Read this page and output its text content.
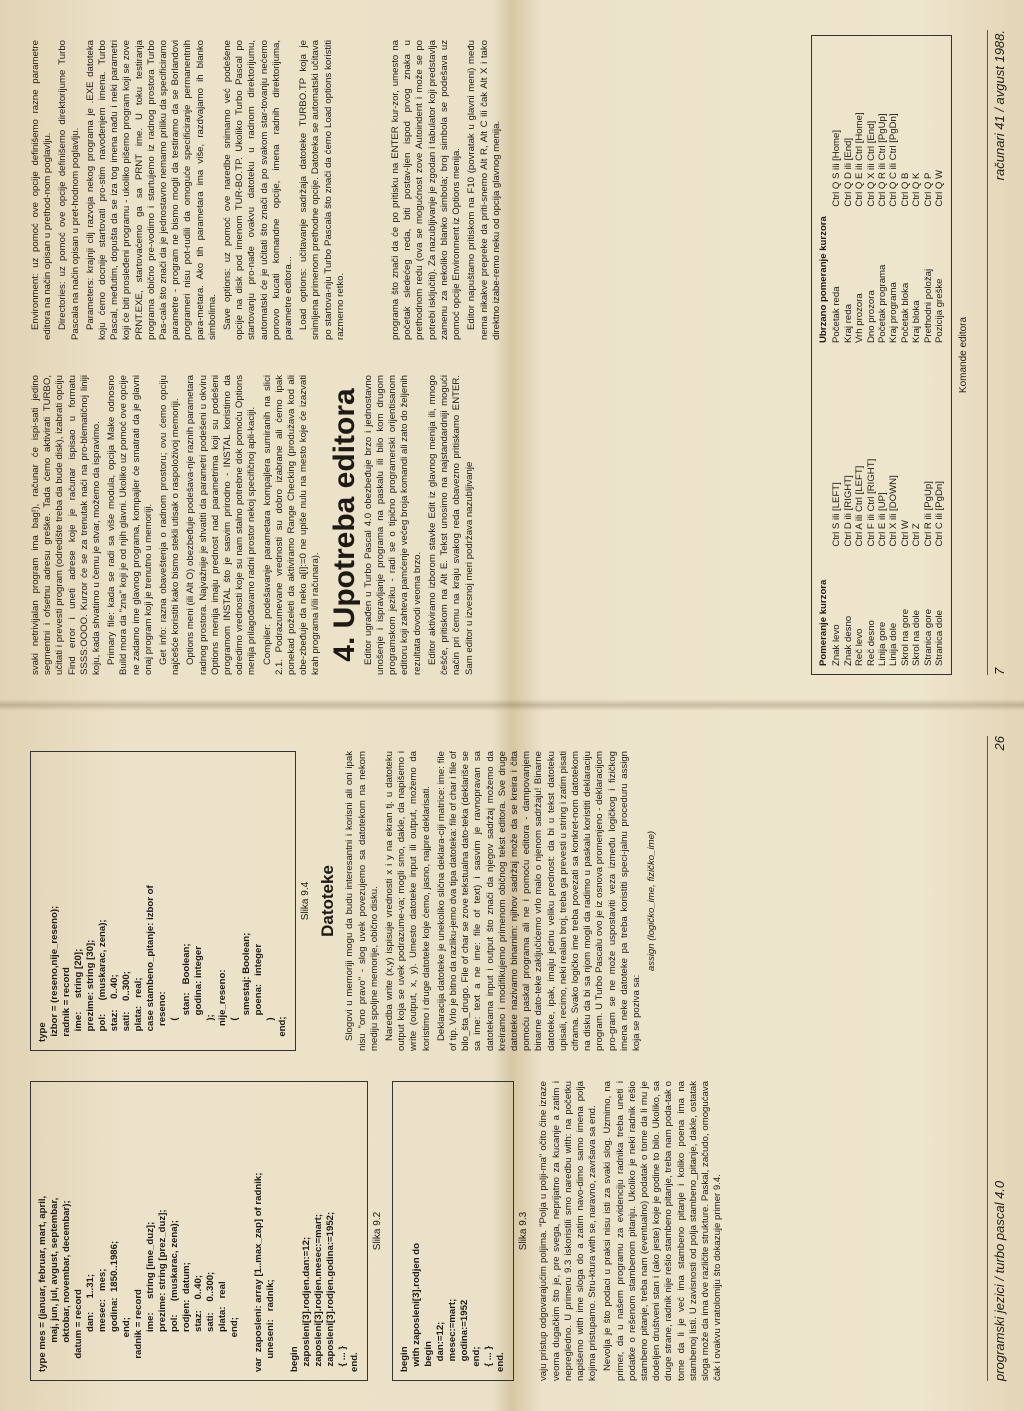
type mes = (januar, februar, mart, april,
maj, jun, jul, avgust, septembar,
oktobar, novembar, decembar);
datum = record
dan:     1..31;
mesec:   mes;
godina:  1850..1986;
end;
radnik = record
ime:     string [ime_duz];
prezime: string [prez_duz];
pol:     (muskarac, zena);
rodjen:  datum;
staz:    0..40;
sati:    0..300;
plata:   real
end;

var  zaposleni: array [1..max_zap] of radnik;
uneseni:   radnik;

begin
zaposleni[3].rodjen.dan:=12;
zaposleni[3].rodjen.mesec:=mart;
zaposleni[3].rodjen.godina:=1952;
{ ... }
end.
Slika 9.2
begin
with zaposleni[3].rodjen do
begin
dan:=12;
mesec:=mart;
godina:=1952
end;
{ ... }
end.
Slika 9.3 vaju pristup odgovarajućim poljima. "Polja u polji-ma" očito čine izraze veoma dugačkim što je, pre svega, nepriјatno za kucanje a zatim i nepregledno. U primeru 9.3 iskoristili smo naredbu with: na početku napišemo with ime sloga do a zatim navo-dimo samo imena polja kojima pristupamo. Stru-ktura with se, naravno, završava sa end. Nevolja je što podaci u praksi nisu isti za svaki slog. Uzmimo, na primer, da u našem programu za evidenciju radnika treba uneti i podatke o rešenom stambenom pitanju. Ukoliko je neki radnik rešio stambeno pitanje, treba nam (eventualno) podatak o tome da li mu je dodeljen društveni stan i (ako jeste) koje je godine to bilo. Ukoliko, sa druge strane, radnik nije rešio stambeno pitanje, treba nam poda-tak o tome da li je već ima stambeno pitanje i koliko poena ima na stambenoj listi. U zavisnosti od polja stambeno_pitanje, dakle, ostatak sloga može da ima dve različite strukture. Paskal, začudo, omogućava čak i ovakvu vratolomiju što dokazuje primer 9.4.

type
izbor = (reseno,nije_reseno);
radnik = record
ime:     string [20];
prezime: string [30];
pol:     (muskarac, zena);
staz:    0..40;
sati:    0..300;
plata:   real;
case stambeno_pitanje: izbor of
reseno:
(
stan:   Boolean;
godina: integer
);
nije_reseno:
(
smestaj: Boolean;
poena:   integer
)
end;
Slika 9.4 Datoteke Slogovi u memoriji mogu da budu interesantni i korisni ali oni ipak nisu "ono pravo" - slog uvek povezujemo sa datotekom na nekom mediju spoljne memorije, obično disku. Naredba write (x,y) ispisuje vrednosti x i y na ekran tj. u datoteku output koja se uvek podrazume-va; mogli smo, dakle, da napišemo i write (output, x, y). Umesto datoteke input ili output, možemo da koristimo i druge datoteke koje ćemo, jasno, najpre deklarisati. Deklaracija datoteke je unekoliko slična deklara-ciji matrice: ime: file of tip. Vrlo je bitno da razliku-jemo dva tipa datoteka: file of char i file of bilo_šta_drugo. File of char se zove tekstualna dato-teka (deklariše se sa ime: text a ne ime: file of text) i sasvim je ravnopravan sa datotekama input i output što znači da njegov sadržaj možemo da kreiramo i modifikujemo primenom običnog tekst editora. Sve druge datoteke nazivamo binarnim: njihov sadržaj može da se kreira i čita pomoću paskal programa ali ne i pomoću editora - dampovanjem binarne dato-teke zaključićemo vrlo malo o njenom sadržaju! Binarne datoteke, ipak, imaju jednu veliku prednost: da bi u tekst datoteku upisali, recimo, neki realan broj, treba ga prevesti u string i zatim pisati ciframa. Svako logičko ime treba povezati sa konkret-nom datotekom na disku da bi sa njom mogli da radimo u paskalu koristiti deklaraciju program. U Turbo Pascalu ovo je iz osnova promenjeno - deklaracijom pro-gram se ne može uspostaviti veza između logičkog i fizičkog imena neke datoteke pa treba koristiti speci-jalnu proceduru assign koja se poziva sa:

assign (logičko_ime, fizičko_ime)

programski jezici / turbo pascal 4.0
26

svaki netrivijalan program ima bag!), računar će ispi-sati jedino segmentni i ofsetnu adresu greške. Tada ćemo aktivirati TURBO, učitati i prevesti program (odredište treba da bude disk), izabrati opciju Find error i uneti adrese koje je računar ispisao u formatu SSSS:OOOO. Kurzor će se za trenutak naći na pro-blematičnoj liniji koju, kada shvatimo u čemu je stvar, možemo da ispravimo. Primary file: kada se radi sa više modula, opcija Make odnosno Build mora da "zna" koji je od njih glavni. Ukoliko uz pomoć ove opcije ne zadamo ime glavnog programa, kompajler će smatrati da je glavni onaj program koji je trenutno u memoriji. Get info: razna obaveštenja o radnom prostoru; ovu ćemo opciju najčešće koristiti kako bismo stekli utisak o raspoloživoj memoriji. Options meni (ili Alt O) obezbeđuje podešava-nje raznih parametara radnog prostora. Najvažnije je shvatiti da parametri podešeni u okviru Options menija imaju prednost nad parametrima koji su podešeni programom INSTAL što je sasvim prirodno - INSTAL koristimo da odredimo vrednosti koje su nam stalno potrebne dok pomoću Options menija prilagođavamo radni prostor nekoj specifičnoj apli-kaciji. Compiler: podešavanje parametara kompajlera sumiranih na slici 2.1. Podrazumevane vrednosti su dobro izabrane ali ćemo ipak ponekad poželeti da aktiviramo Range Checking (produžava kod ali obe-zbeđuje da neko a[i]:=0 ne upiše nulu na mesto koje će izazvati krah programa i/ili računara). 4. Upotreba editora Editor ugrađen u Turbo Pascal 4.0 obezbeđuje brzo i jednostavno unošenje i ispravljanje programa na paskalu ili bilo kom drugom programskom jeziku - radi se o tipično programerski orijentisanom editoru koji zahteva pamćenje većeg broja komandi ali zato do željenih rezultata dovodi veoma brzo. Editor aktiviramo izborom stavke Edit iz glavnog menija ili, mnogo češće, pritiskom na Alt E. Tekst unosimo na najstandardniji mogući način pri čemu na kraju svakog reda obavezno pritiskamo ENTER. Sam editor u izvesnoj meri podržava nazubljivanje

Environment: uz pomoć ove opcije definišemo razne parametre editora na način opisan u prethod-nom poglavlju. Directories: uz pomoć ove opcije definišemo direktorijume Turbo Pascala na način opisan u pret-hodnom poglavlju. Parameters: krajnji cilj razvoja nekog programa je .EXE datoteka koju ćemo docnije startovati pro-stim navođenjem imena. Turbo Pascal, međutim, dopušta da se iza tog imena nađu i neki parametri koji će biti prosleđeni programu - ukoliko pišemo program koji se zove PRNT.EXE, startovaćemo ga sa PRNT ime. U toku testiranja programa obično pre-vodimo i startujemo iz radnog prostora Turbo Pas-cala što znači da je jednostavno nemamo priliku da specificiramo parametre - program ne bismo mogli da testiramo da se Borlandovi programeri nisu pot-rudili da omoguće specificiranje permanentnih para-metara. Ako tih parametara ima više, razdvajamo ih blanko simbolima. Save options: uz pomoć ove naredbe snimamo već podešene opcije na disk pod imenom TUR-BO.TP. Ukoliko Turbo Pascal po startovanju pro-nađe ovakvu datoteku u radnom direktorijumu, automatski će je učitati što znači da po svakom star-tovanju nećemo ponovo kucati komandne opcije, imena radnih direktorijuma, parametre editora... Load options: učitavanje sadržaja datoteke TURBO.TP koja je snimljena primenom prethodne opcije. Datoteka se automatski učitava po startova-nju Turbo Pascala što znači da ćemo Load options koristiti razmerno retko.	programa što znači da će po pritisku na ENTER kur-zor, umesto na početak sledećeg reda, biti postav-ljen ispod prvog znaka u prethodnom redu (ova se mogućnost zove Autoindent i može se po potrebi isključiti). Za nazubljivanje je zgodan i tabulator koji predstavlja zamenu za nekoliko blanko simbola; broj simbola se podešava uz pomoć opcije Environment iz Options menija. Editor napuštamo pritiskom na F10 (povratak u glavni meni) među nema nikakve prepreke da priti-snemo Alt R, Alt C ili čak Alt X i tako direktno izabe-remo neku od opcija glavnog menija.

Pomeranje kurzora	
Znak levo	Ctrl S ili [LEFT]
Znak desno	Ctrl D ili [RIGHT]
Reč levo	Ctrl A ili Ctrl [LEFT]
Reč desno	Ctrl F ili Ctrl [RIGHT]
Linija gore	Ctrl E ili [UP]
Linija dole	Ctrl X ili [DOWN]
Skrol na gore	Ctrl W
Skrol na dole	Ctrl Z
Stranica gore	Ctrl R ili [PgUp]
Stranica dole	Ctrl C ili [PgDn]
Ubrzano pomeranje kurzora	
Početak reda	Ctrl Q S ili [Home]
Kraj reda	Ctrl Q D ili [End]
Vrh prozora	Ctrl Q E ili Ctrl [Home]
Dno prozora	Ctrl Q X ili Ctrl [End]
Početak programa	Ctrl Q R ili Ctrl [PgUp]
Kraj programa	Ctrl Q C ili Ctrl [PgDn]
Početak bloka	Ctrl Q B
Kraj bloka	Ctrl Q K
Prethodni položaj	Ctrl Q P
Pozicija greške	Ctrl Q W
Komande editora
7
računari 41 / avgust 1988.
